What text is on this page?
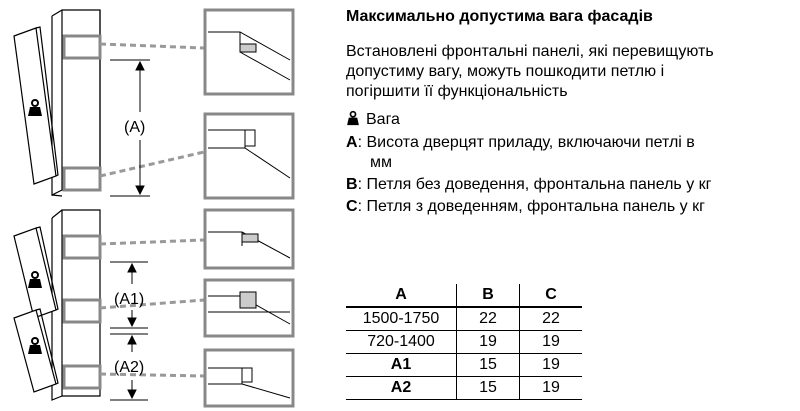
(A)
(A1)
(A2)
Максимально допустима вага фасадів
Встановлені фронтальні панелі, які перевищують
допустиму вагу, можуть пошкодити петлю і
погіршити її функціональність
Вага
A: Висота дверцят приладу, включаючи петлі в
мм
B: Петля без доведення, фронтальна панель у кг
C: Петля з доведенням, фронтальна панель у кг
A	B	C
1500-1750	22	22
720-1400	19	19
A1	15	19
A2	15	19
